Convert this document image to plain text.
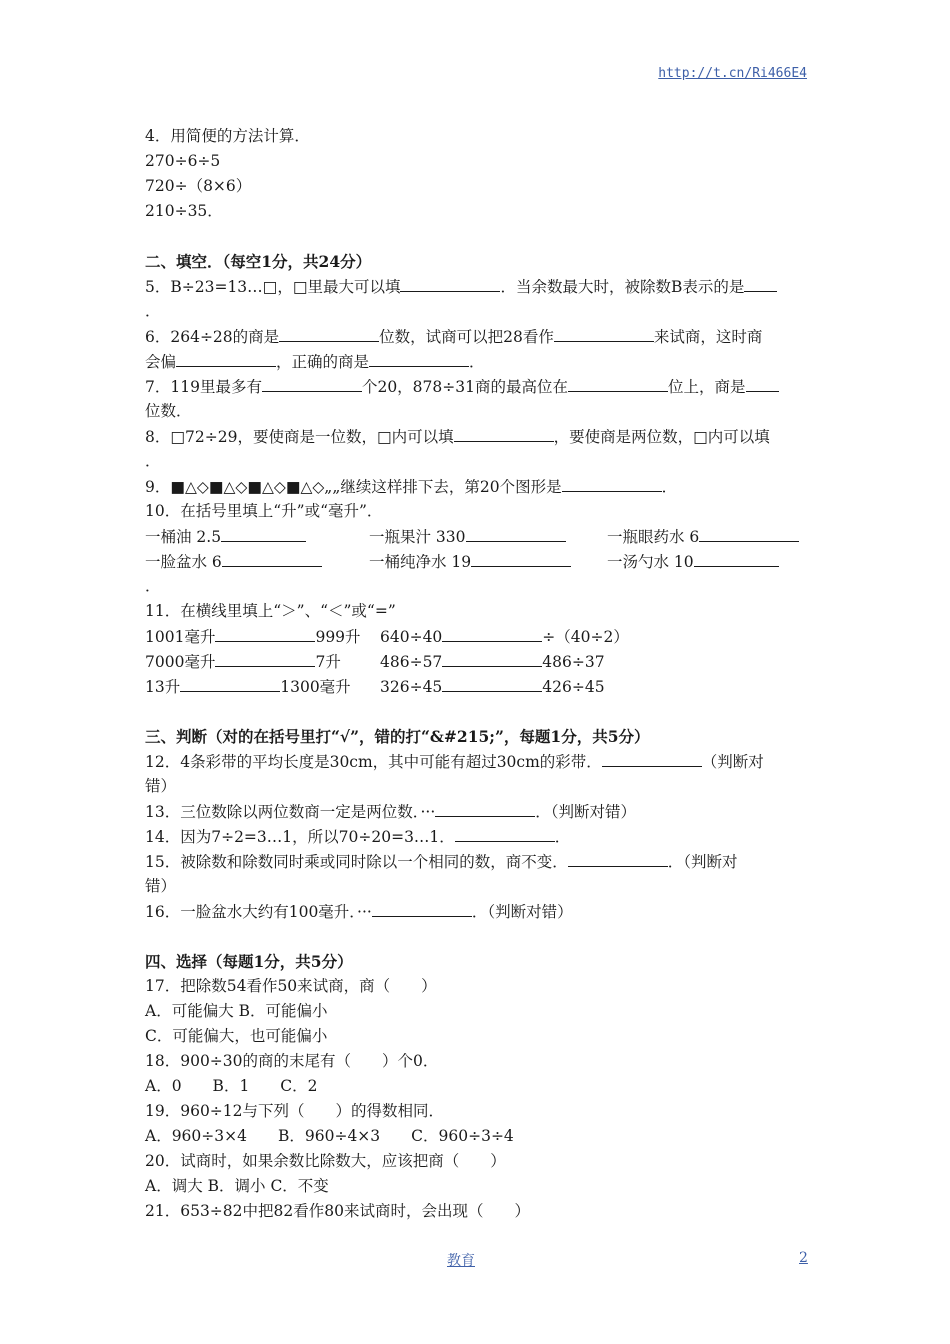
http://t.cn/Ri466E4
4．用简便的方法计算．
270÷6÷5
720÷（8×6）
210÷35．
二、填空．（每空1分，共24分）
5．B÷23=13…□，□里最大可以填	．当余数最大时，被除数B表示的是
．
6．264÷28的商是	位数，试商可以把28看作	来试商，这时商
会偏	，正确的商是	．
7．119里最多有	个20，878÷31商的最高位在	位上，商是
位数．
8．□72÷29，要使商是一位数，□内可以填	，要使商是两位数，□内可以填
．
9．■△◇■△◇■△◇■△◇„„继续这样排下去，第20个图形是	．
10．在括号里填上“升”或“毫升”．
一桶油 2.5	一瓶果汁 330	一瓶眼药水 6
一脸盆水 6	一桶纯净水 19	一汤勺水 10
．
11．在横线里填上“＞”、“＜”或“=”
1001毫升	999升 640÷40	÷（40÷2）
7000毫升	7升	486÷57	486÷37
13升	1300毫升 326÷45	426÷45
三、判断（对的在括号里打“√”，错的打“&#215;”，每题1分，共5分）
12．4条彩带的平均长度是30cm，其中可能有超过30cm的彩带．	（判断对
错）
13．三位数除以两位数商一定是两位数．···	．（判断对错）
14．因为7÷2=3…1，所以70÷20=3…1．	．
15．被除数和除数同时乘或同时除以一个相同的数，商不变．	．（判断对
错）
16．一脸盆水大约有100毫升．···	．（判断对错）
四、选择（每题1分，共5分）
17．把除数54看作50来试商，商（　　）
A．可能偏大 B．可能偏小
C．可能偏大，也可能偏小
18．900÷30的商的末尾有（　　）个0．
A．0　　B．1　　C．2
19．960÷12与下列（　　）的得数相同．
A．960÷3×4　　B．960÷4×3　　C．960÷3÷4
20．试商时，如果余数比除数大，应该把商（　　）
A．调大 B．调小 C．不变
21．653÷82中把82看作80来试商时，会出现（　　）
教育	2
